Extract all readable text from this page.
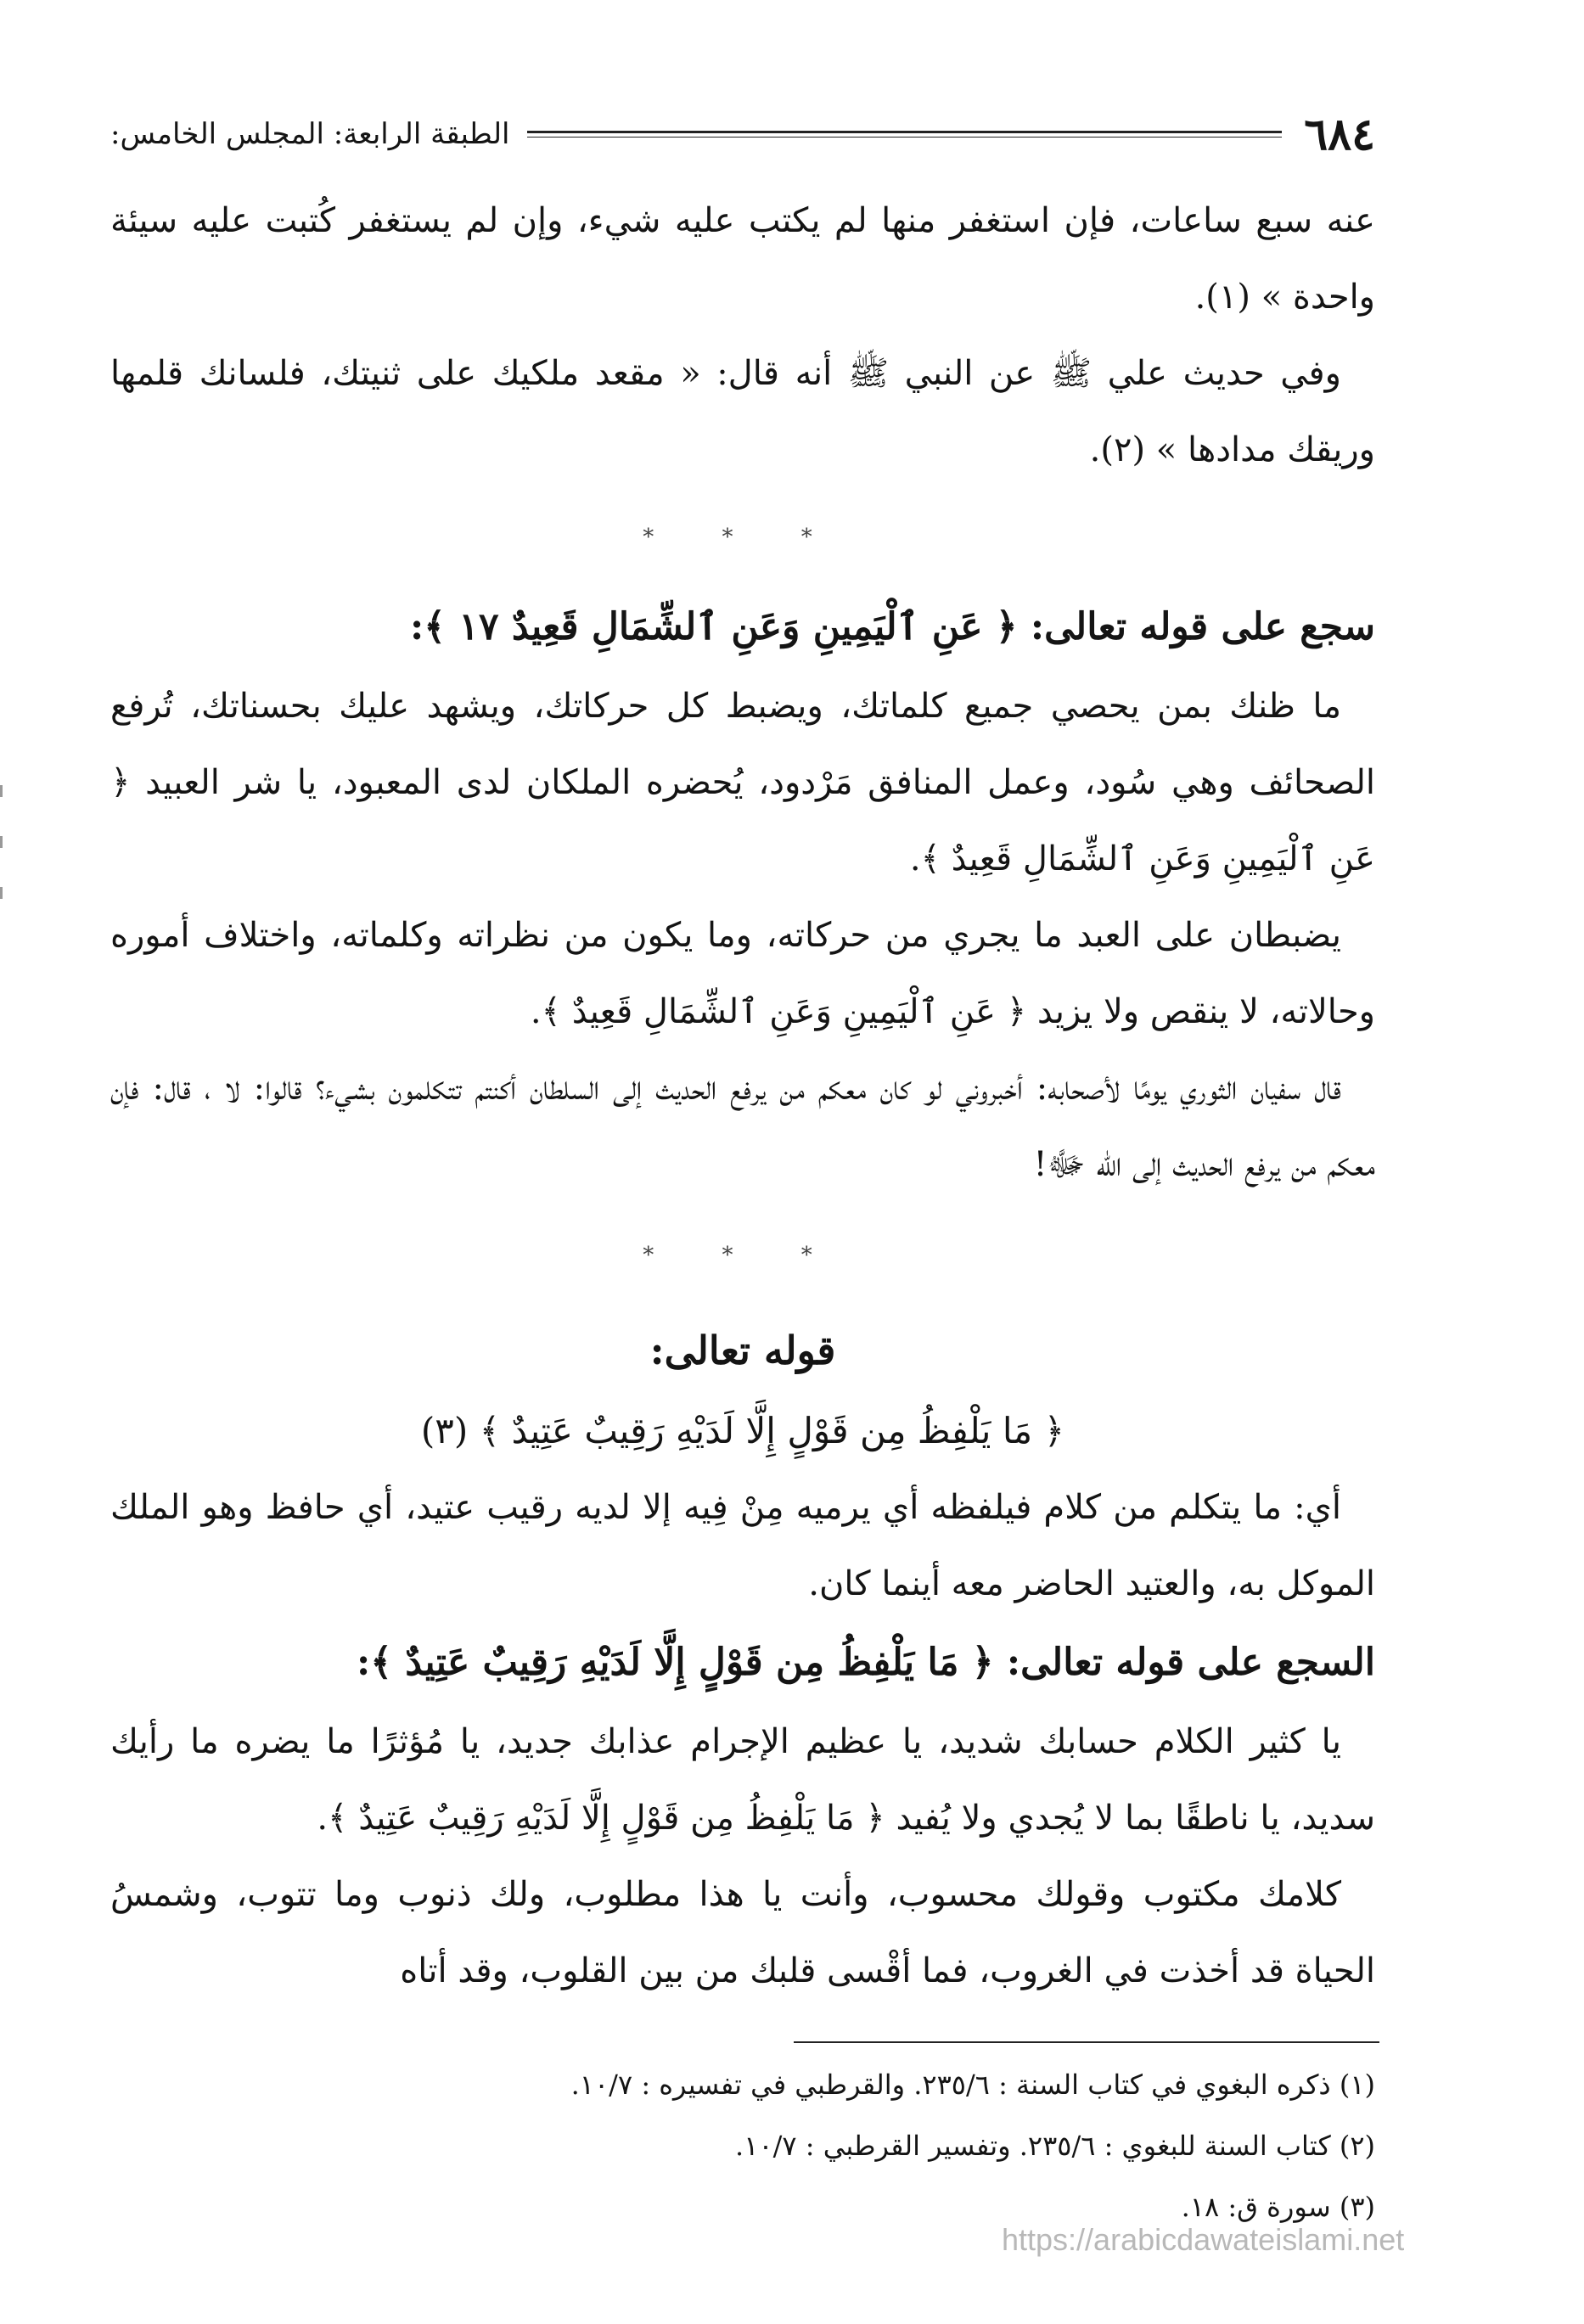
٦٨٤
الطبقة الرابعة: المجلس الخامس:

عنه سبع ساعات، فإن استغفر منها لم يكتب عليه شيء، وإن لم يستغفر كُتبت عليه سيئة واحدة » (١).

وفي حديث علي ﷺ عن النبي ﷺ أنه قال: « مقعد ملكيك على ثنيتك، فلسانك قلمها وريقك مدادها » (٢).

* * *

سجع على قوله تعالى: ﴿ عَنِ ٱلْيَمِينِ وَعَنِ ٱلشِّمَالِ قَعِيدٌ ١٧ ﴾:

ما ظنك بمن يحصي جميع كلماتك، ويضبط كل حركاتك، ويشهد عليك بحسناتك، تُرفع الصحائف وهي سُود، وعمل المنافق مَرْدود، يُحضره الملكان لدى المعبود، يا شر العبيد ﴿ عَنِ ٱلْيَمِينِ وَعَنِ ٱلشِّمَالِ قَعِيدٌ ﴾.

يضبطان على العبد ما يجري من حركاته، وما يكون من نظراته وكلماته، واختلاف أموره وحالاته، لا ينقص ولا يزيد ﴿ عَنِ ٱلْيَمِينِ وَعَنِ ٱلشِّمَالِ قَعِيدٌ ﴾.

قال سفيان الثوري يومًا لأصحابه: أخبروني لو كان معكم من يرفع الحديث إلى السلطان أكنتم تتكلمون بشيء؟ قالوا: لا ، قال: فإن معكم من يرفع الحديث إلى الله ﷻ!

* * *

قوله تعالى:

﴿ مَا يَلْفِظُ مِن قَوْلٍ إِلَّا لَدَيْهِ رَقِيبٌ عَتِيدٌ ﴾ (٣)

أي: ما يتكلم من كلام فيلفظه أي يرميه مِنْ فِيه إلا لديه رقيب عتيد، أي حافظ وهو الملك الموكل به، والعتيد الحاضر معه أينما كان.

السجع على قوله تعالى: ﴿ مَا يَلْفِظُ مِن قَوْلٍ إِلَّا لَدَيْهِ رَقِيبٌ عَتِيدٌ ﴾:

يا كثير الكلام حسابك شديد، يا عظيم الإجرام عذابك جديد، يا مُؤثرًا ما يضره ما رأيك سديد، يا ناطقًا بما لا يُجدي ولا يُفيد ﴿ مَا يَلْفِظُ مِن قَوْلٍ إِلَّا لَدَيْهِ رَقِيبٌ عَتِيدٌ ﴾.

كلامك مكتوب وقولك محسوب، وأنت يا هذا مطلوب، ولك ذنوب وما تتوب، وشمسُ الحياة قد أخذت في الغروب، فما أقْسى قلبك من بين القلوب، وقد أتاه

(١) ذكره البغوي في كتاب السنة : ٢٣٥/٦. والقرطبي في تفسيره : ١٠/٧.

(٢) كتاب السنة للبغوي : ٢٣٥/٦. وتفسير القرطبي : ١٠/٧.

(٣) سورة ق: ١٨.

https://arabicdawateislami.net
